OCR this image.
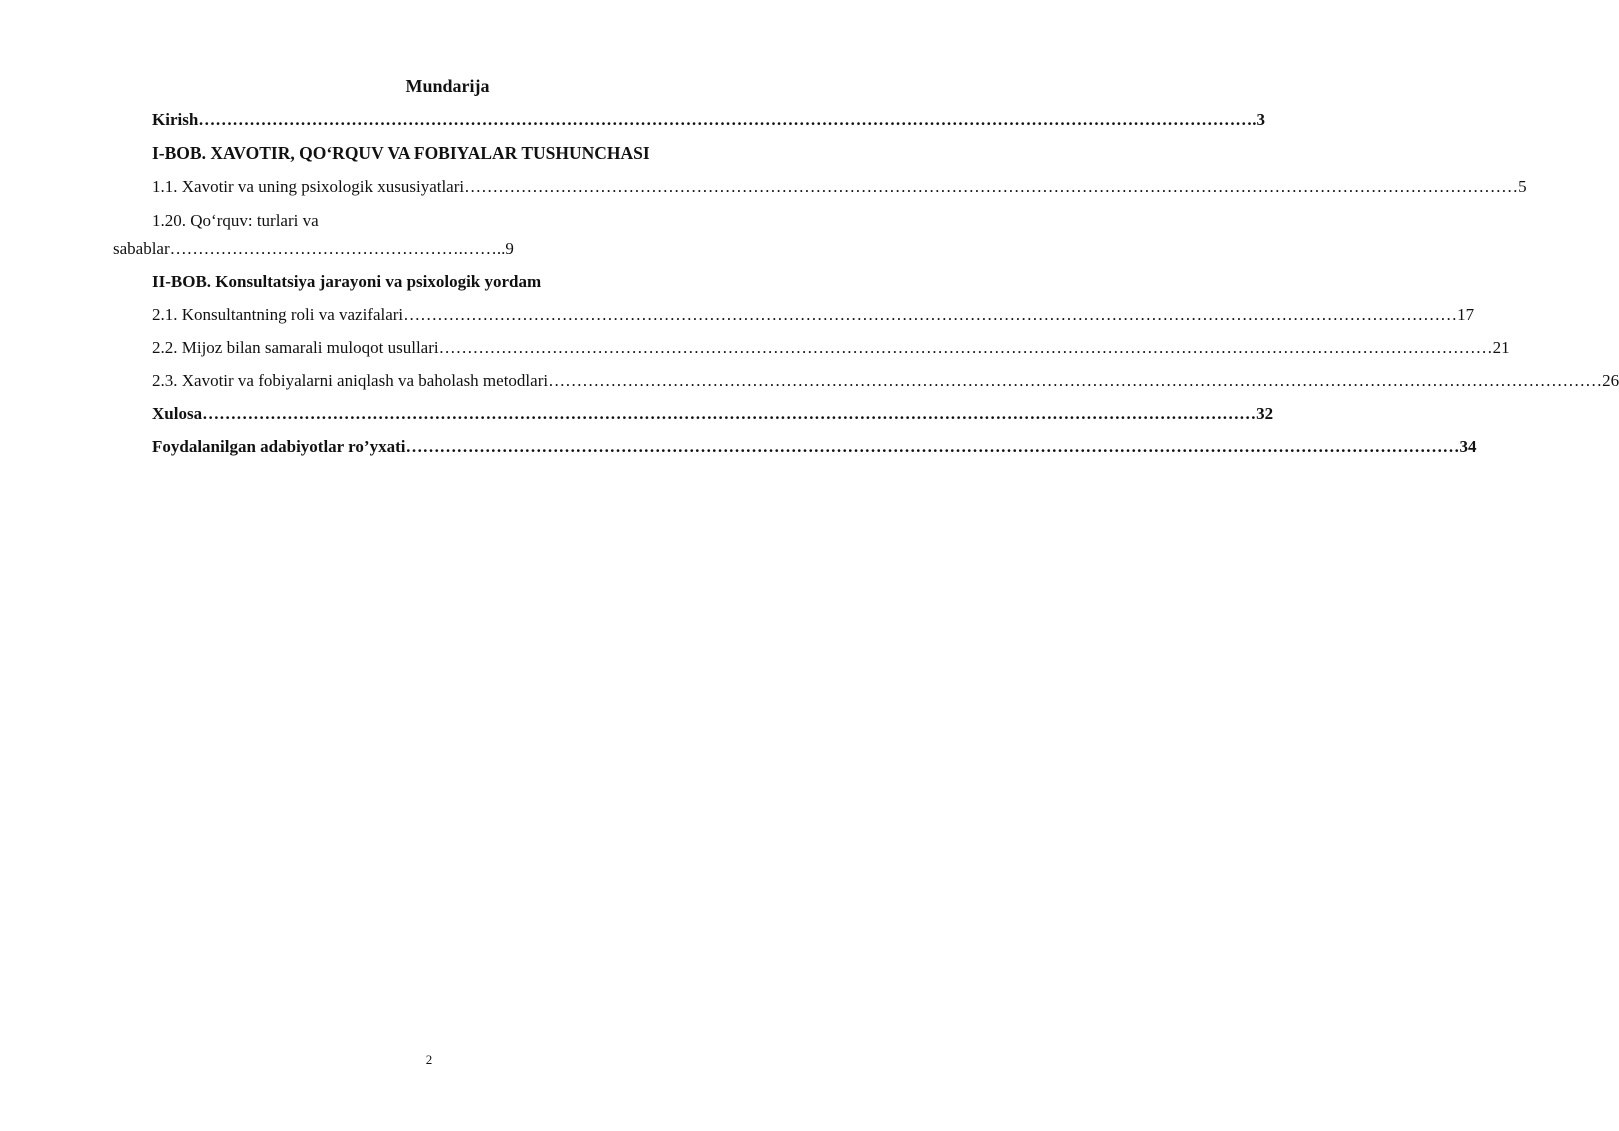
Mundarija
Kirish …………………………………………………………………………………………………………………………………………………………………… .3
I-BOB. XAVOTIR, QO‘RQUV VA FOBIYALAR TUSHUNCHASI
1.1. Xavotir va uning psixologik xususiyatlari …………………………………………………………………………………………………………………………………………………………………… 5
1.20. Qo‘rquv: turlari va
sabablar…………………………………………….……..9
II-BOB. Konsultatsiya jarayoni va psixologik yordam
2.1. Konsultantning roli va vazifalari …………………………………………………………………………………………………………………………………………………………………… 17
2.2. Mijoz bilan samarali muloqot usullari …………………………………………………………………………………………………………………………………………………………………… 21
2.3. Xavotir va fobiyalarni aniqlash va baholash metodlari …………………………………………………………………………………………………………………………………………………………………… 26
Xulosa …………………………………………………………………………………………………………………………………………………………………… 32
Foydalanilgan adabiyotlar ro’yxati …………………………………………………………………………………………………………………………………………………………………… 34
2
